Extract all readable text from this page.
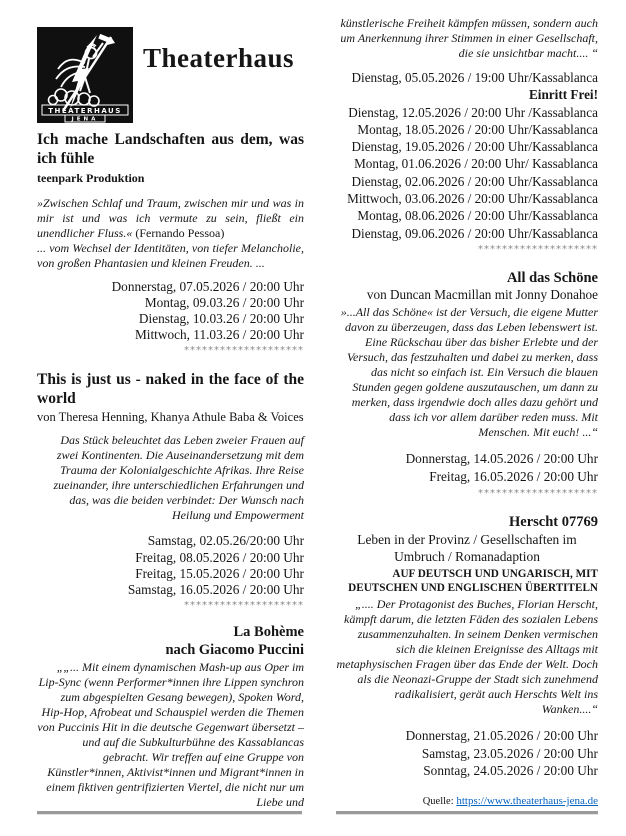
THEATERHAUS
JENA
Theaterhaus
Ich mache Landschaften aus dem, was ich fühle
teenpark Produktion
»Zwischen Schlaf und Traum, zwischen mir und was in mir ist und was ich vermute zu sein, fließt ein unendlicher Fluss.« (Fernando Pessoa)
... vom Wechsel der Identitäten, von tiefer Melancholie, von großen Phantasien und kleinen Freuden. ...
Donnerstag, 07.05.2026 / 20:00 Uhr
Montag, 09.03.26 / 20:00 Uhr
Dienstag, 10.03.26 / 20:00 Uhr
Mittwoch, 11.03.26 / 20:00 Uhr
********************
This is just us - naked in the face of the world
von Theresa Henning, Khanya Athule Baba & Voices
Das Stück beleuchtet das Leben zweier Frauen auf zwei Kontinenten. Die Auseinandersetzung mit dem Trauma der Kolonialgeschichte Afrikas. Ihre Reise zueinander, ihre unterschiedlichen Erfahrungen und das, was die beiden verbindet: Der Wunsch nach Heilung und Empowerment
Samstag, 02.05.26/20:00 Uhr
Freitag, 08.05.2026 / 20:00 Uhr
Freitag, 15.05.2026 / 20:00 Uhr
Samstag, 16.05.2026 / 20:00 Uhr
********************
La Bohème
nach Giacomo Puccini
„„... Mit einem dynamischen Mash-up aus Oper im Lip-Sync (wenn Performer*innen ihre Lippen synchron zum abgespielten Gesang bewegen), Spoken Word, Hip-Hop, Afrobeat und Schauspiel werden die Themen von Puccinis Hit in die deutsche Gegenwart übersetzt – und auf die Subkulturbühne des Kassablancas gebracht. Wir treffen auf eine Gruppe von Künstler*innen, Aktivist*innen und Migrant*innen in einem fiktiven gentrifizierten Viertel, die nicht nur um Liebe und
künstlerische Freiheit kämpfen müssen, sondern auch um Anerkennung ihrer Stimmen in einer Gesellschaft, die sie unsichtbar macht.... “
Dienstag, 05.05.2026 / 19:00 Uhr/Kassablanca
Einritt Frei!
Dienstag, 12.05.2026 / 20:00 Uhr /Kassablanca
Montag, 18.05.2026 / 20:00 Uhr/Kassablanca
Dienstag, 19.05.2026 / 20:00 Uhr/Kassablanca
Montag, 01.06.2026 / 20:00 Uhr/ Kassablanca
Dienstag, 02.06.2026 / 20:00 Uhr/Kassablanca
Mittwoch, 03.06.2026 / 20:00 Uhr/Kassablanca
Montag, 08.06.2026 / 20:00 Uhr/Kassablanca
Dienstag, 09.06.2026 / 20:00 Uhr/Kassablanca
********************
All das Schöne
von Duncan Macmillan mit Jonny Donahoe
»...All das Schöne« ist der Versuch, die eigene Mutter davon zu überzeugen, dass das Leben lebenswert ist. Eine Rückschau über das bisher Erlebte und der Versuch, das festzuhalten und dabei zu merken, dass das nicht so einfach ist. Ein Versuch die blauen Stunden gegen goldene auszutauschen, um dann zu merken, dass irgendwie doch alles dazu gehört und dass ich vor allem darüber reden muss. Mit Menschen. Mit euch! ...“
Donnerstag, 14.05.2026 / 20:00 Uhr
Freitag, 16.05.2026 / 20:00 Uhr
********************
Herscht 07769
Leben in der Provinz / Gesellschaften im Umbruch / Romanadaption
AUF DEUTSCH UND UNGARISCH, MIT DEUTSCHEN UND ENGLISCHEN ÜBERTITELN
„.... Der Protagonist des Buches, Florian Herscht, kämpft darum, die letzten Fäden des sozialen Lebens zusammenzuhalten. In seinem Denken vermischen sich die kleinen Ereignisse des Alltags mit metaphysischen Fragen über das Ende der Welt. Doch als die Neonazi-Gruppe der Stadt sich zunehmend radikalisiert, gerät auch Herschts Welt ins Wanken....“
Donnerstag, 21.05.2026 / 20:00 Uhr
Samstag, 23.05.2026 / 20:00 Uhr
Sonntag, 24.05.2026 / 20:00 Uhr
Quelle: https://www.theaterhaus-jena.de
